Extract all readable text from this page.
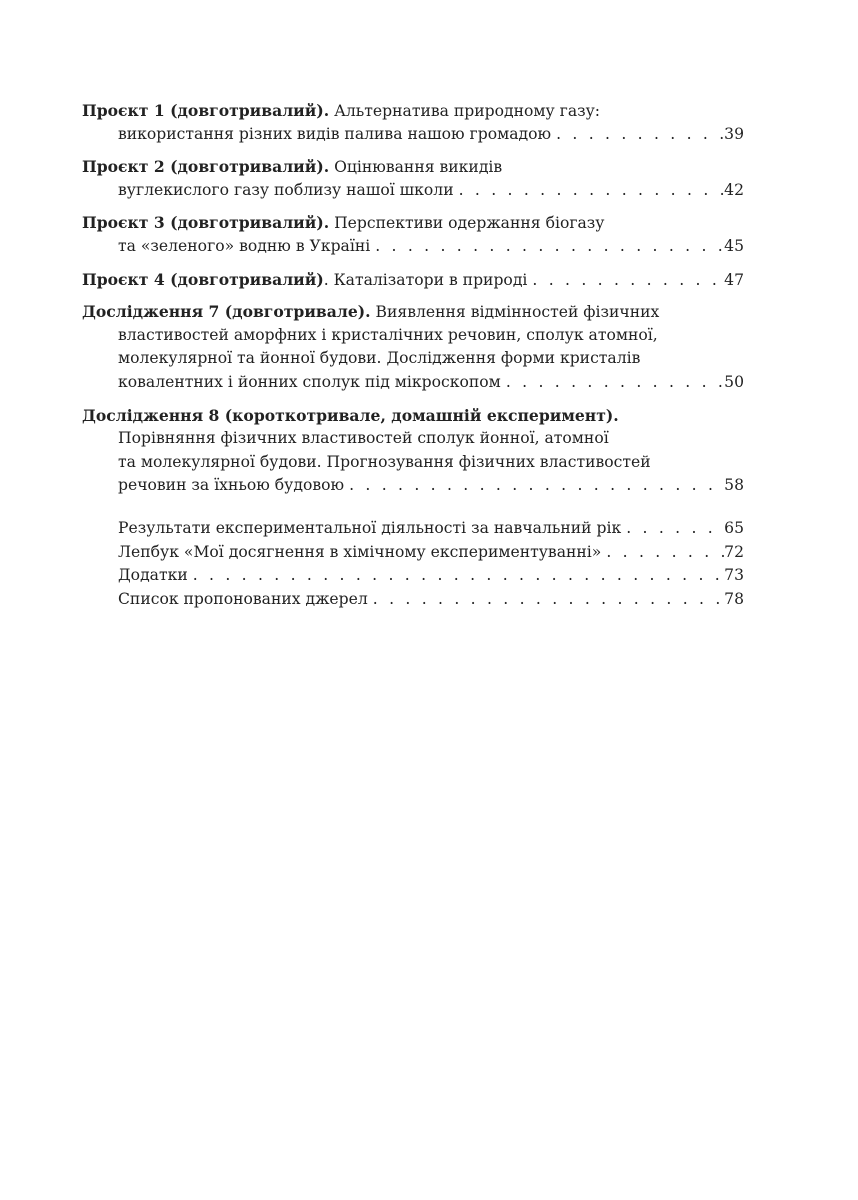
Проєкт 1 (довготривалий). Альтернатива природному газу:
використання різних видів палива нашою громадою . . .	39
Проєкт 2 (довготривалий). Оцінювання викидів
вуглекислого газу поблизу нашої школи . . .	42
Проєкт 3 (довготривалий). Перспективи одержання біогазу
та «зеленого» водню в Україні . . .	45
Проєкт 4 (довготривалий). Каталізатори в природі . . .	47
Дослідження 7 (довготривале). Виявлення відмінностей фізичних
властивостей аморфних і кристалічних речовин, сполук атомної,
молекулярної та йонної будови. Дослідження форми кристалів
ковалентних і йонних сполук під мікроскопом . . .	50
Дослідження 8 (короткотривале, домашній експеримент).
Порівняння фізичних властивостей сполук йонної, атомної
та молекулярної будови. Прогнозування фізичних властивостей
речовин за їхньою будовою . . .	58
Результати експериментальної діяльності за навчальний рік . . .	65
Лепбук «Мої досягнення в хімічному експериментуванні» . . .	72
Додатки . . .	73
Список пропонованих джерел . . .	78
